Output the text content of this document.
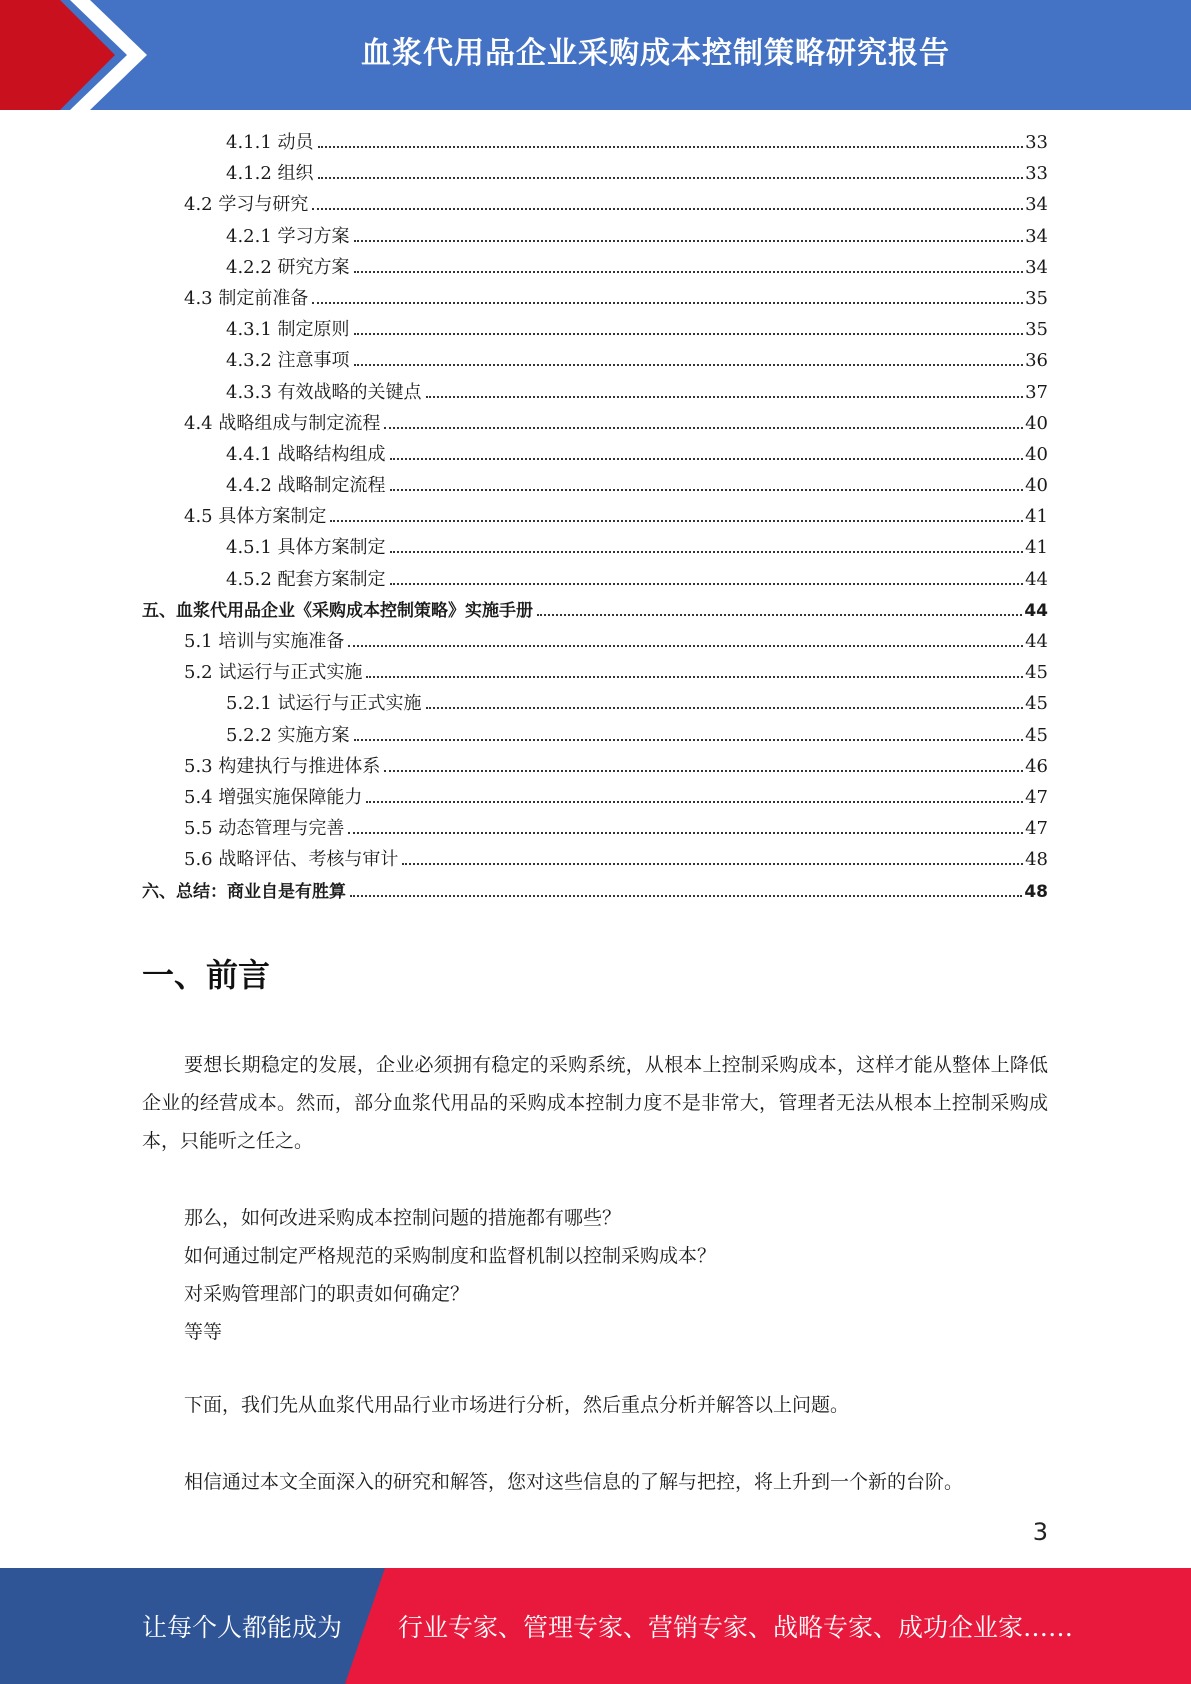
血浆代用品企业采购成本控制策略研究报告
4.1.1 动员	33
4.1.2 组织	33
4.2 学习与研究	34
4.2.1 学习方案	34
4.2.2 研究方案	34
4.3 制定前准备	35
4.3.1 制定原则	35
4.3.2 注意事项	36
4.3.3 有效战略的关键点	37
4.4 战略组成与制定流程	40
4.4.1 战略结构组成	40
4.4.2 战略制定流程	40
4.5 具体方案制定	41
4.5.1 具体方案制定	41
4.5.2 配套方案制定	44
五、血浆代用品企业《采购成本控制策略》实施手册	44
5.1 培训与实施准备	44
5.2 试运行与正式实施	45
5.2.1 试运行与正式实施	45
5.2.2 实施方案	45
5.3 构建执行与推进体系	46
5.4 增强实施保障能力	47
5.5 动态管理与完善	47
5.6 战略评估、考核与审计	48
六、总结：商业自是有胜算	48
一、前言

要想长期稳定的发展，企业必须拥有稳定的采购系统，从根本上控制采购成本，这样才能从整体上降低企业的经营成本。然而，部分血浆代用品的采购成本控制力度不是非常大，管理者无法从根本上控制采购成本，只能听之任之。

那么，如何改进采购成本控制问题的措施都有哪些？
如何通过制定严格规范的采购制度和监督机制以控制采购成本？
对采购管理部门的职责如何确定？
等等

下面，我们先从血浆代用品行业市场进行分析，然后重点分析并解答以上问题。

相信通过本文全面深入的研究和解答，您对这些信息的了解与把控，将上升到一个新的台阶。

3
让每个人都能成为 行业专家、管理专家、营销专家、战略专家、成功企业家……
